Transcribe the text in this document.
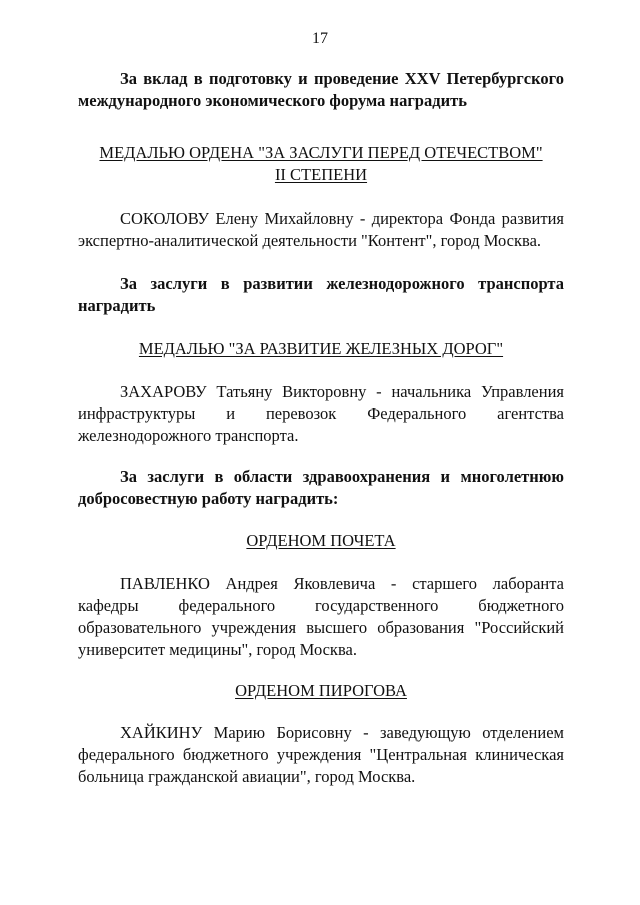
17

За вклад в подготовку и проведение XXV Петербургского международного экономического форума наградить

МЕДАЛЬЮ ОРДЕНА "ЗА ЗАСЛУГИ ПЕРЕД ОТЕЧЕСТВОМ"
II СТЕПЕНИ

СОКОЛОВУ Елену Михайловну - директора Фонда развития экспертно-аналитической деятельности "Контент", город Москва.

За заслуги в развитии железнодорожного транспорта наградить

МЕДАЛЬЮ "ЗА РАЗВИТИЕ ЖЕЛЕЗНЫХ ДОРОГ"

ЗАХАРОВУ Татьяну Викторовну - начальника Управления инфраструктуры и перевозок Федерального агентства железнодорожного транспорта.

За заслуги в области здравоохранения и многолетнюю добросовестную работу наградить:

ОРДЕНОМ ПОЧЕТА

ПАВЛЕНКО Андрея Яковлевича - старшего лаборанта кафедры федерального государственного бюджетного образовательного учреждения высшего образования "Российский университет медицины", город Москва.

ОРДЕНОМ ПИРОГОВА

ХАЙКИНУ Марию Борисовну - заведующую отделением федерального бюджетного учреждения "Центральная клиническая больница гражданской авиации", город Москва.
